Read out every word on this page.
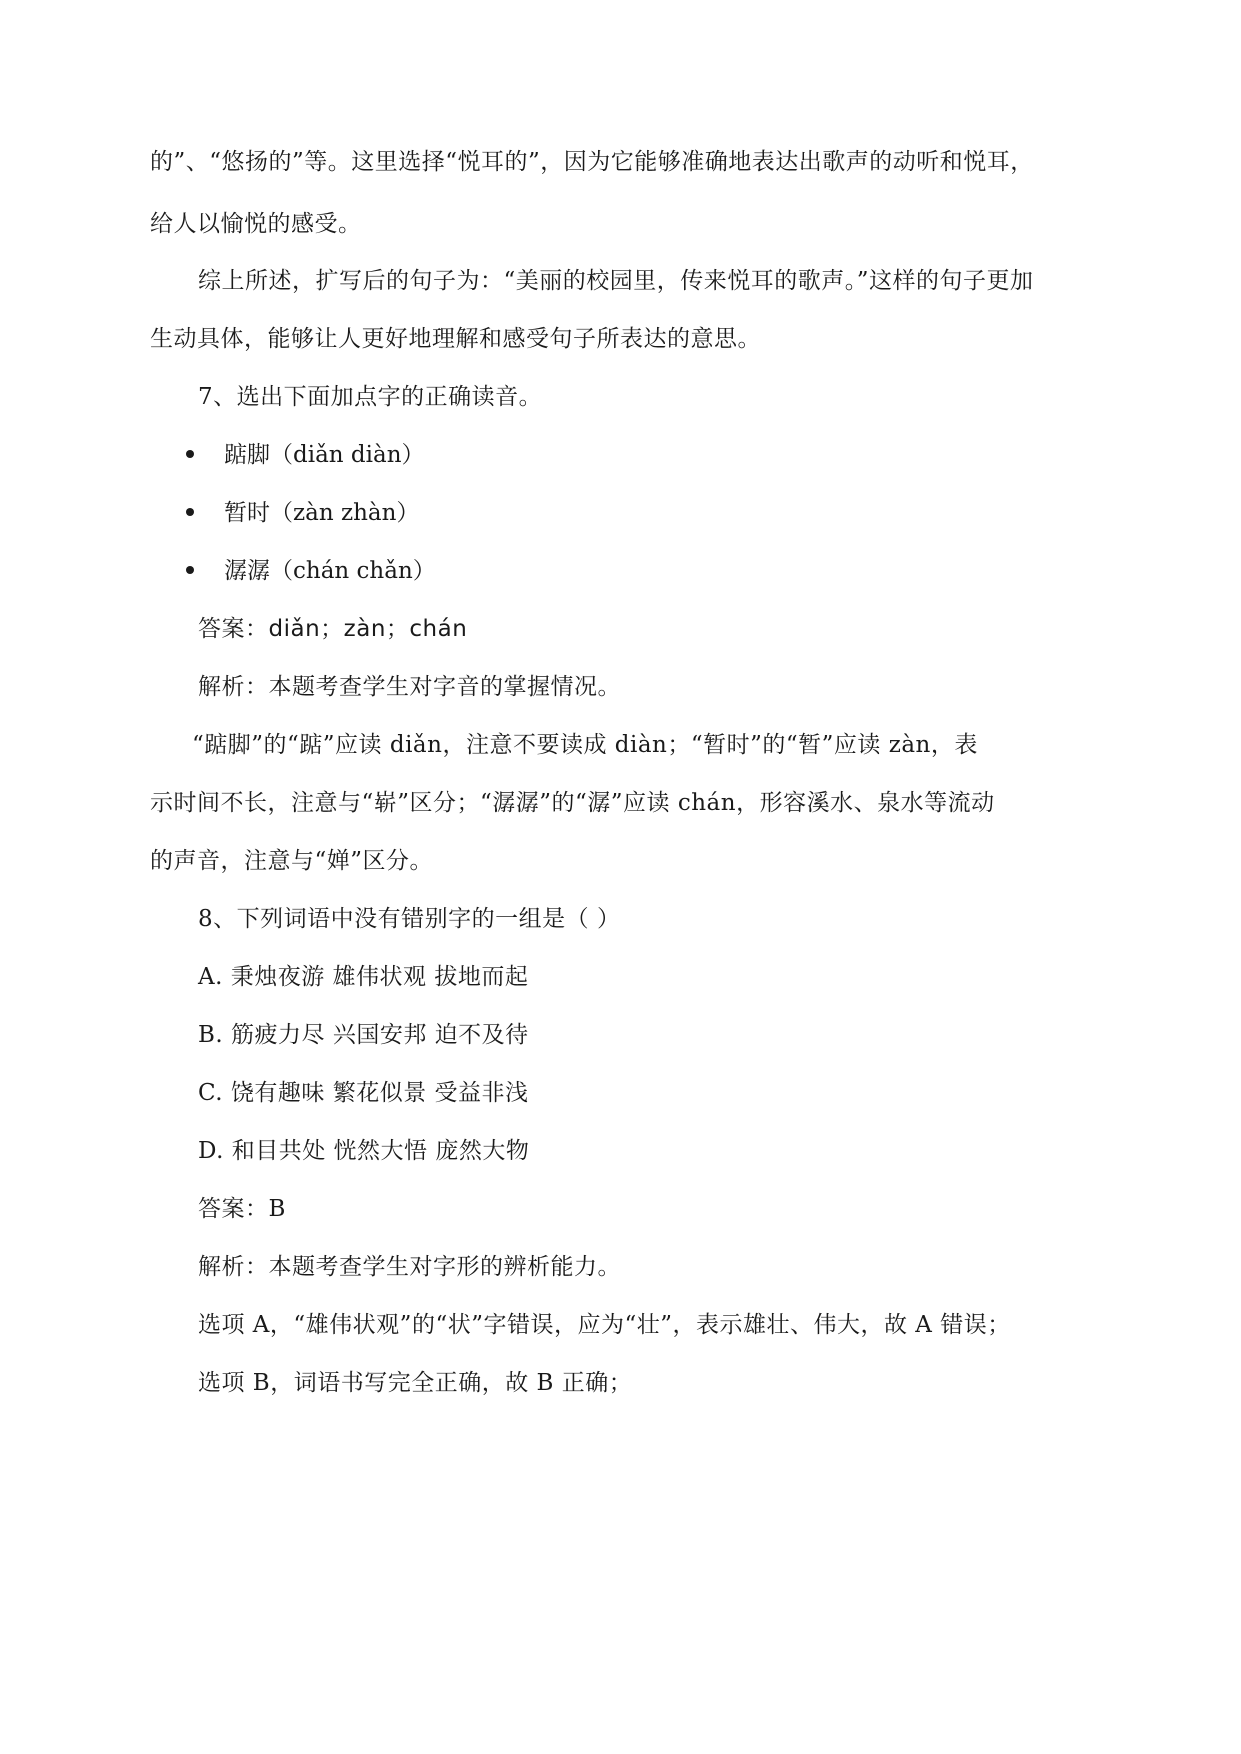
的”、“悠扬的”等。这里选择“悦耳的”，因为它能够准确地表达出歌声的动听和悦耳，
给人以愉悦的感受。
综上所述，扩写后的句子为：“美丽的校园里，传来悦耳的歌声。”这样的句子更加
生动具体，能够让人更好地理解和感受句子所表达的意思。
7、选出下面加点字的正确读音。
踮脚（diǎn diàn）
暂时（zàn zhàn）
潺潺（chán chǎn）
答案：diǎn；zàn；chán
解析：本题考查学生对字音的掌握情况。
“踮脚”的“踮”应读 diǎn，注意不要读成 diàn；“暂时”的“暂”应读 zàn，表
示时间不长，注意与“崭”区分；“潺潺”的“潺”应读 chán，形容溪水、泉水等流动
的声音，注意与“婵”区分。
8、下列词语中没有错别字的一组是（ ）
A. 秉烛夜游 雄伟状观 拔地而起
B. 筋疲力尽 兴国安邦 迫不及待
C. 饶有趣味 繁花似景 受益非浅
D. 和目共处 恍然大悟 庞然大物
答案：B
解析：本题考查学生对字形的辨析能力。
选项 A，“雄伟状观”的“状”字错误，应为“壮”，表示雄壮、伟大，故 A 错误；
选项 B，词语书写完全正确，故 B 正确；
